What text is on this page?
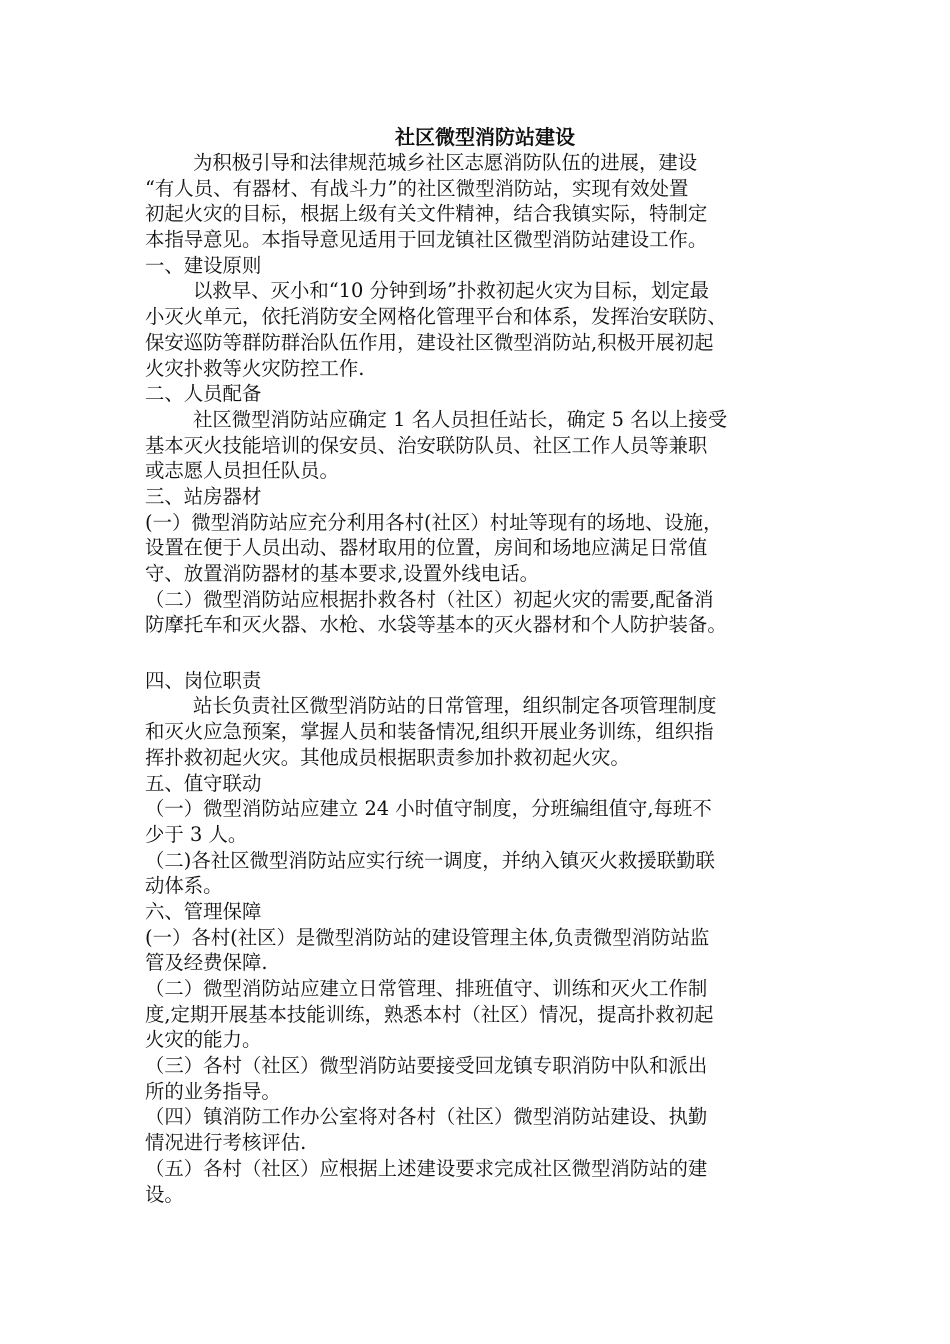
社区微型消防站建设
为积极引导和法律规范城乡社区志愿消防队伍的进展，建设
“有人员、有器材、有战斗力”的社区微型消防站，实现有效处置
初起火灾的目标，根据上级有关文件精神，结合我镇实际，特制定
本指导意见。本指导意见适用于回龙镇社区微型消防站建设工作。
一、建设原则
以救早、灭小和“10 分钟到场”扑救初起火灾为目标，划定最
小灭火单元，依托消防安全网格化管理平台和体系，发挥治安联防、
保安巡防等群防群治队伍作用，建设社区微型消防站,积极开展初起
火灾扑救等火灾防控工作.
二、人员配备
社区微型消防站应确定 1 名人员担任站长，确定 5 名以上接受
基本灭火技能培训的保安员、治安联防队员、社区工作人员等兼职
或志愿人员担任队员。
三、站房器材
(一）微型消防站应充分利用各村(社区）村址等现有的场地、设施，
设置在便于人员出动、器材取用的位置，房间和场地应满足日常值
守、放置消防器材的基本要求,设置外线电话。
（二）微型消防站应根据扑救各村（社区）初起火灾的需要,配备消
防摩托车和灭火器、水枪、水袋等基本的灭火器材和个人防护装备。
四、岗位职责
站长负责社区微型消防站的日常管理，组织制定各项管理制度
和灭火应急预案，掌握人员和装备情况,组织开展业务训练，组织指
挥扑救初起火灾。其他成员根据职责参加扑救初起火灾。
五、值守联动
（一）微型消防站应建立 24 小时值守制度，分班编组值守,每班不
少于 3 人。
（二)各社区微型消防站应实行统一调度，并纳入镇灭火救援联勤联
动体系。
六、管理保障
(一）各村(社区）是微型消防站的建设管理主体,负责微型消防站监
管及经费保障.
（二）微型消防站应建立日常管理、排班值守、训练和灭火工作制
度,定期开展基本技能训练，熟悉本村（社区）情况，提高扑救初起
火灾的能力。
（三）各村（社区）微型消防站要接受回龙镇专职消防中队和派出
所的业务指导。
（四）镇消防工作办公室将对各村（社区）微型消防站建设、执勤
情况进行考核评估.
（五）各村（社区）应根据上述建设要求完成社区微型消防站的建
设。
